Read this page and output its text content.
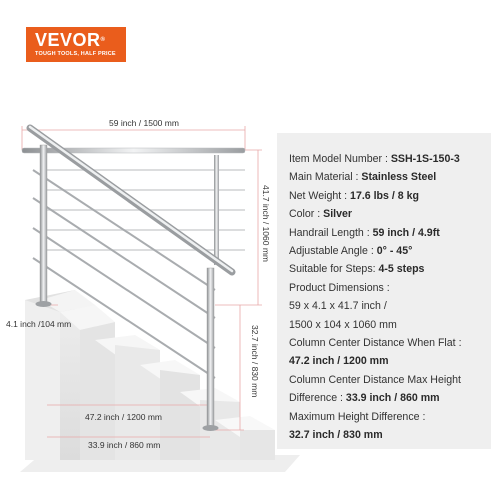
VEVOR®
TOUGH TOOLS, HALF PRICE
59 inch / 1500 mm
41.7 inch / 1060 mm
32.7 inch / 830 mm
4.1 inch /104 mm
47.2 inch / 1200 mm
33.9 inch / 860 mm
Item Model Number : SSH-1S-150-3
Main Material : Stainless Steel
Net Weight : 17.6 lbs / 8 kg
Color : Silver
Handrail Length : 59 inch / 4.9ft
Adjustable Angle : 0° - 45°
Suitable for Steps: 4-5 steps
Product Dimensions :
59 x 4.1 x 41.7 inch /
1500 x 104 x 1060 mm
Column Center Distance When Flat :
47.2 inch / 1200 mm
Column Center Distance Max Height
Difference : 33.9 inch / 860 mm
Maximum Height Difference :
32.7 inch / 830 mm
